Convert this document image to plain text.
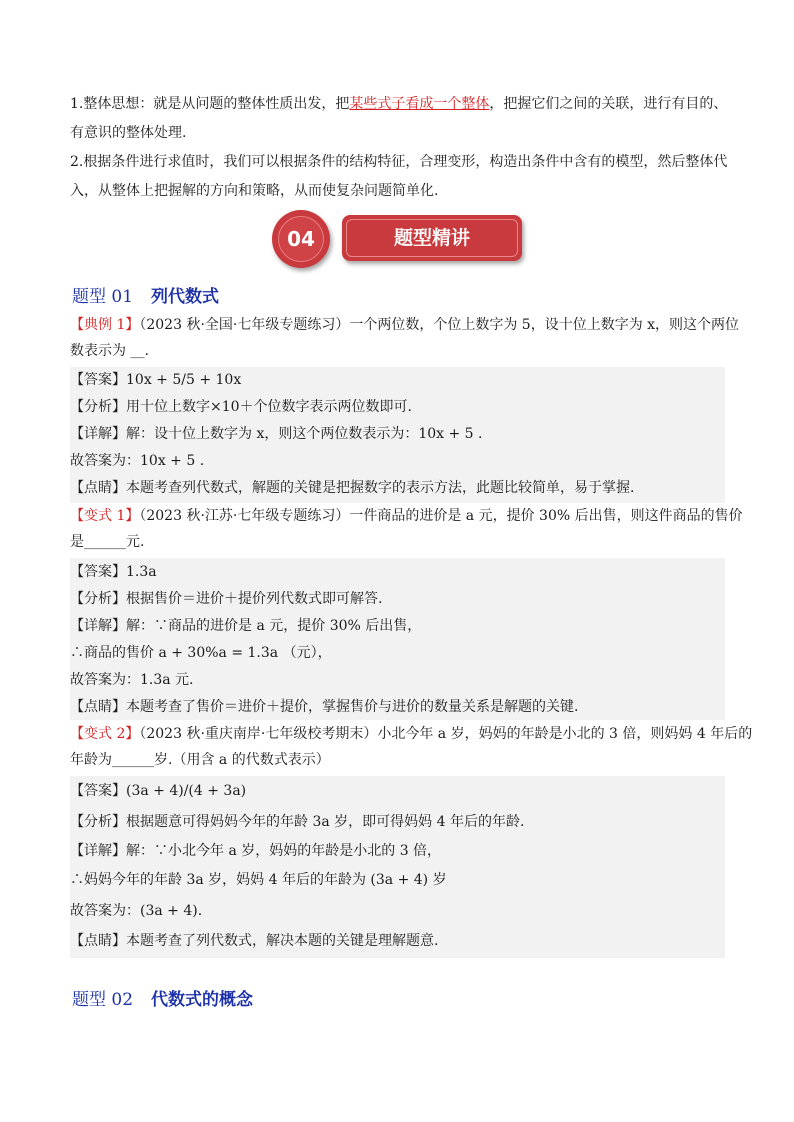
1.整体思想：就是从问题的整体性质出发，把某些式子看成一个整体，把握它们之间的关联，进行有目的、有意识的整体处理.

2.根据条件进行求值时，我们可以根据条件的结构特征，合理变形，构造出条件中含有的模型，然后整体代入，从整体上把握解的方向和策略，从而使复杂问题简单化.

04	题型精讲
题型 01 列代数式

【典例 1】（2023 秋·全国·七年级专题练习）一个两位数，个位上数字为 5，设十位上数字为 x，则这个两位

数表示为 __.

【答案】10x + 5/5 + 10x

【分析】用十位上数字×10＋个位数字表示两位数即可.

【详解】解：设十位上数字为 x，则这个两位数表示为：10x + 5 .

故答案为：10x + 5 .

【点睛】本题考查列代数式，解题的关键是把握数字的表示方法，此题比较简单，易于掌握.

【变式 1】（2023 秋·江苏·七年级专题练习）一件商品的进价是 a 元，提价 30% 后出售，则这件商品的售价

是______元.

【答案】1.3a

【分析】根据售价＝进价＋提价列代数式即可解答.

【详解】解：∵商品的进价是 a 元，提价 30% 后出售，

∴商品的售价 a + 30%a = 1.3a （元），

故答案为：1.3a 元.

【点睛】本题考查了售价＝进价＋提价，掌握售价与进价的数量关系是解题的关键.

【变式 2】（2023 秋·重庆南岸·七年级校考期末）小北今年 a 岁，妈妈的年龄是小北的 3 倍，则妈妈 4 年后的

年龄为______岁.（用含 a 的代数式表示）

【答案】(3a + 4)/(4 + 3a)

【分析】根据题意可得妈妈今年的年龄 3a 岁，即可得妈妈 4 年后的年龄.

【详解】解：∵小北今年 a 岁，妈妈的年龄是小北的 3 倍，

∴妈妈今年的年龄 3a 岁，妈妈 4 年后的年龄为 (3a + 4) 岁

故答案为：(3a + 4).

【点睛】本题考查了列代数式，解决本题的关键是理解题意.

题型 02 代数式的概念
